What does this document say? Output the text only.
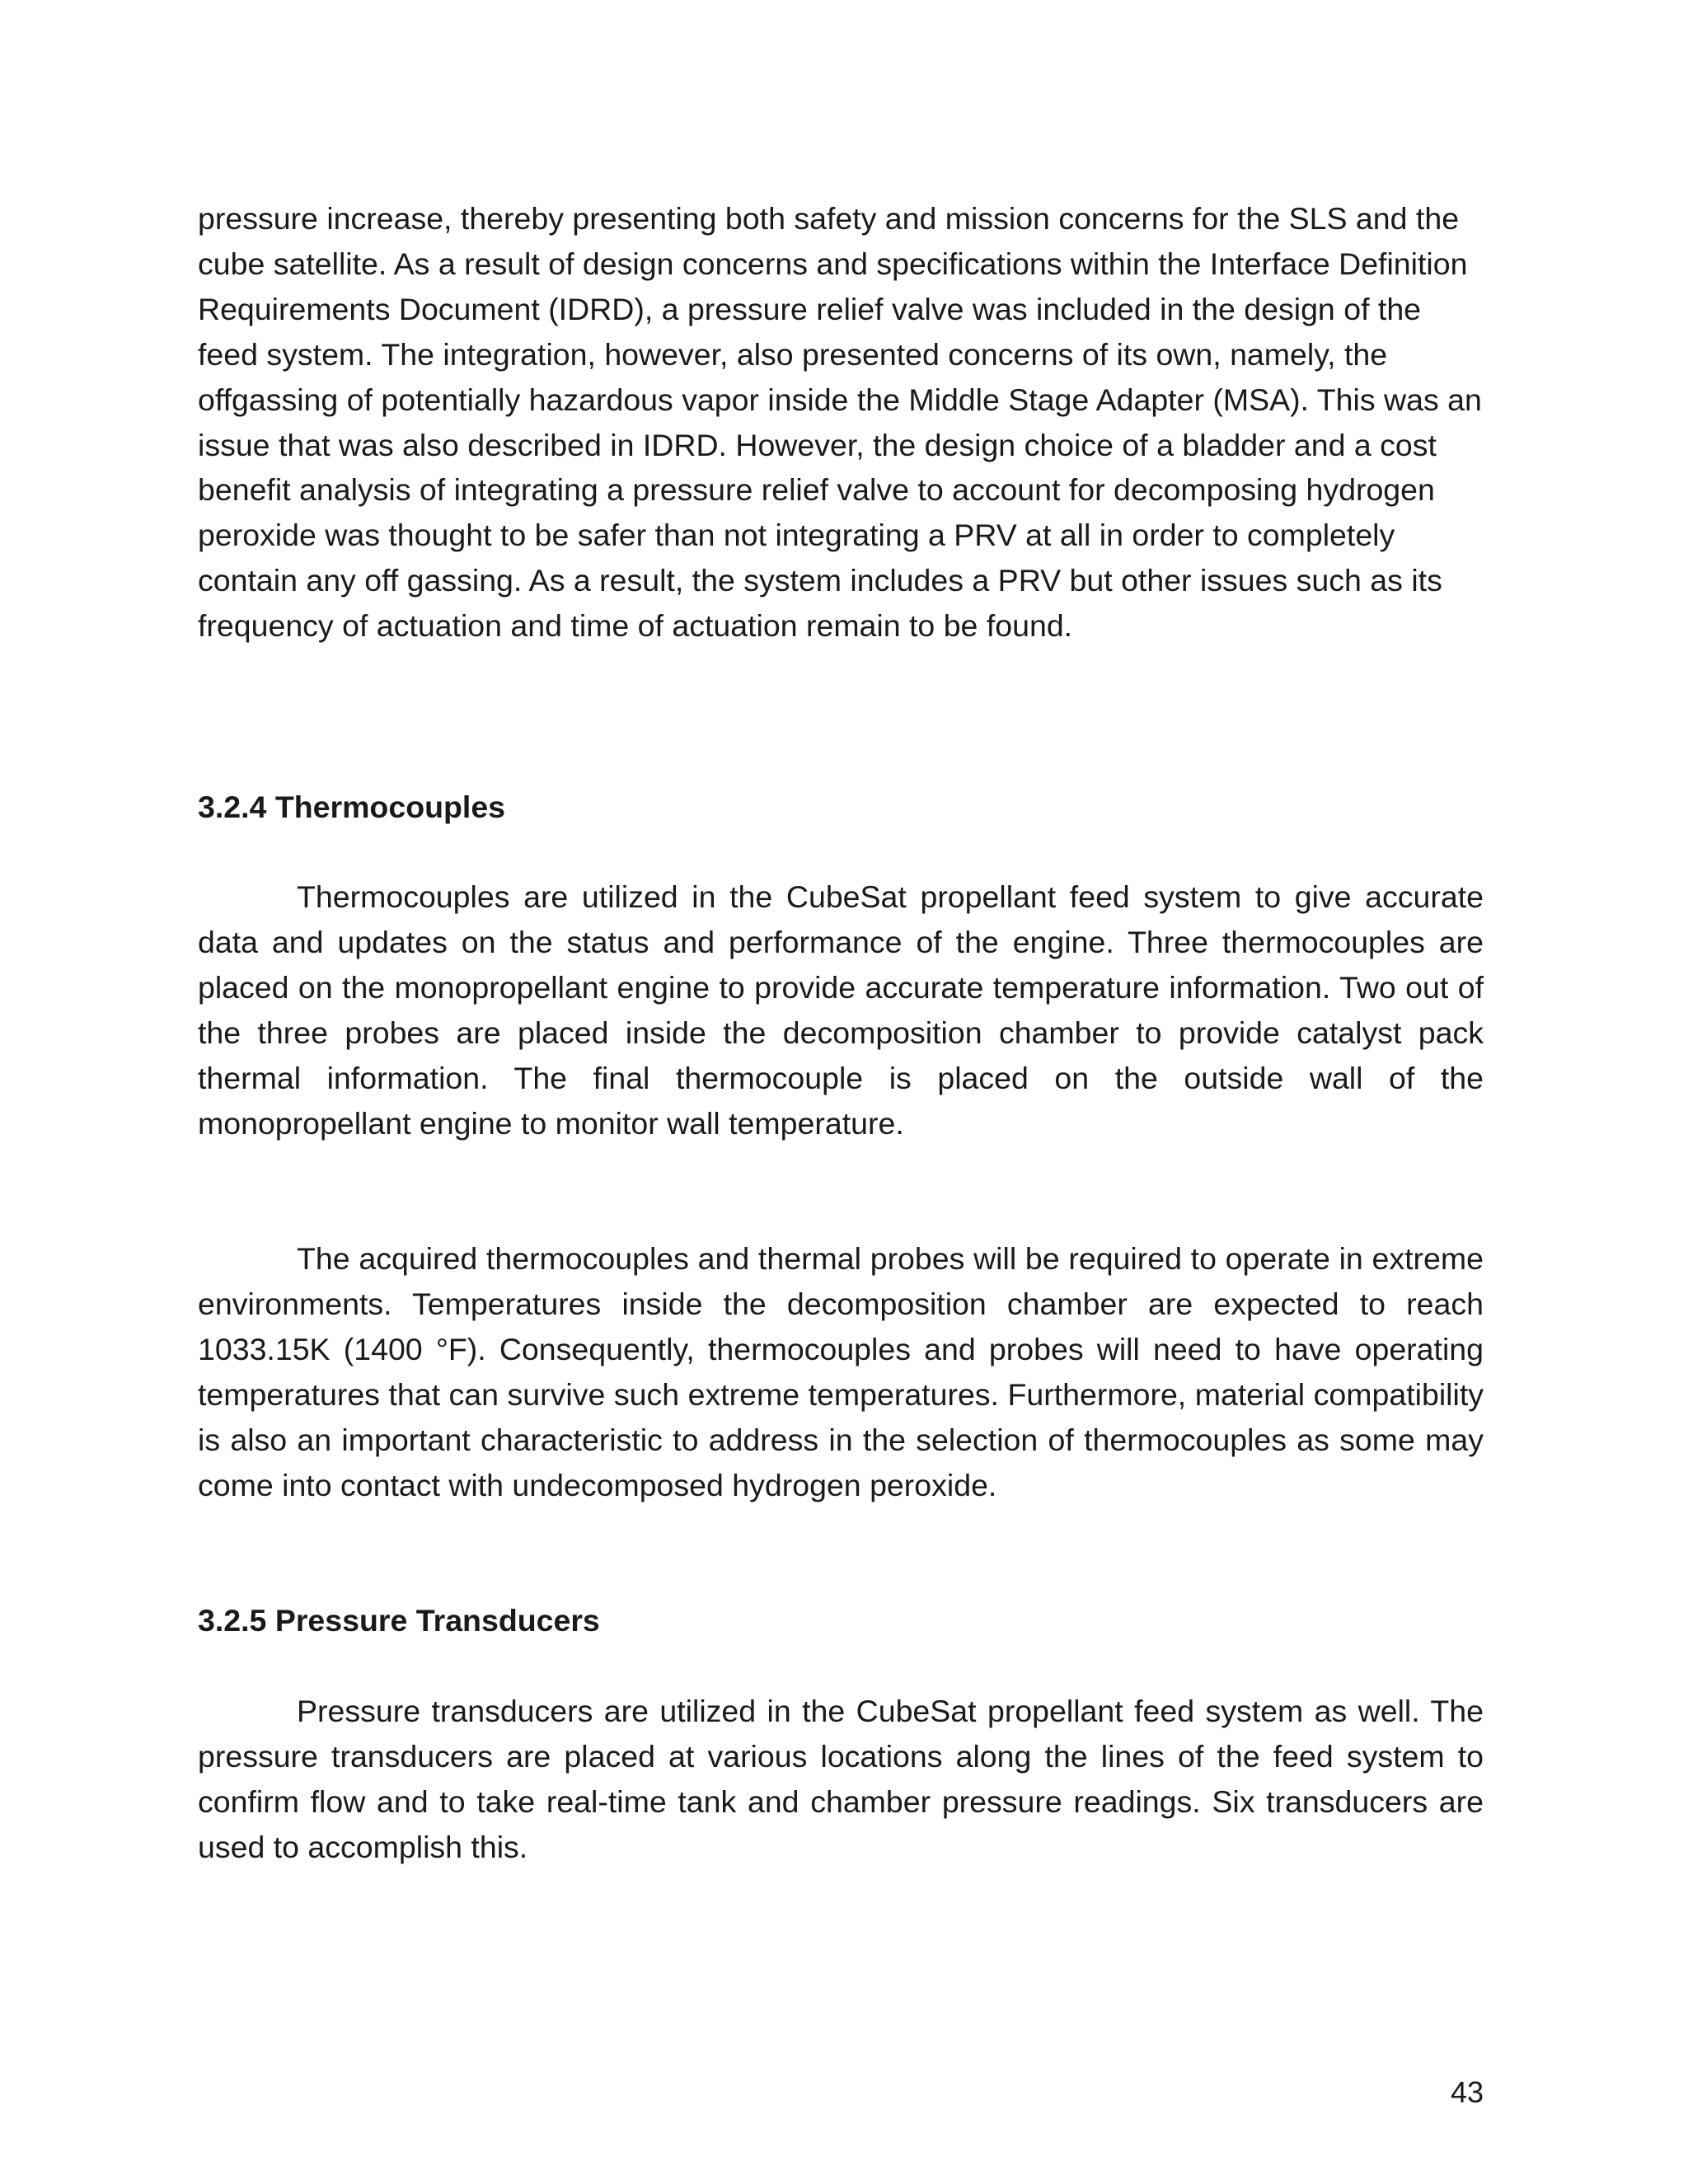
pressure increase, thereby presenting both safety and mission concerns for the SLS and the cube satellite. As a result of design concerns and specifications within the Interface Definition Requirements Document (IDRD), a pressure relief valve was included in the design of the feed system. The integration, however, also presented concerns of its own, namely, the offgassing of potentially hazardous vapor inside the Middle Stage Adapter (MSA). This was an issue that was also described in IDRD. However, the design choice of a bladder and a cost benefit analysis of integrating a pressure relief valve to account for decomposing hydrogen peroxide was thought to be safer than not integrating a PRV at all in order to completely contain any off gassing. As a result, the system includes a PRV but other issues such as its frequency of actuation and time of actuation remain to be found.

3.2.4 Thermocouples

Thermocouples are utilized in the CubeSat propellant feed system to give accurate data and updates on the status and performance of the engine. Three thermocouples are placed on the monopropellant engine to provide accurate temperature information. Two out of the three probes are placed inside the decomposition chamber to provide catalyst pack thermal information. The final thermocouple is placed on the outside wall of the monopropellant engine to monitor wall temperature.

The acquired thermocouples and thermal probes will be required to operate in extreme environments. Temperatures inside the decomposition chamber are expected to reach 1033.15K (1400 °F). Consequently, thermocouples and probes will need to have operating temperatures that can survive such extreme temperatures. Furthermore, material compatibility is also an important characteristic to address in the selection of thermocouples as some may come into contact with undecomposed hydrogen peroxide.

3.2.5 Pressure Transducers

Pressure transducers are utilized in the CubeSat propellant feed system as well. The pressure transducers are placed at various locations along the lines of the feed system to confirm flow and to take real-time tank and chamber pressure readings. Six transducers are used to accomplish this.

43
